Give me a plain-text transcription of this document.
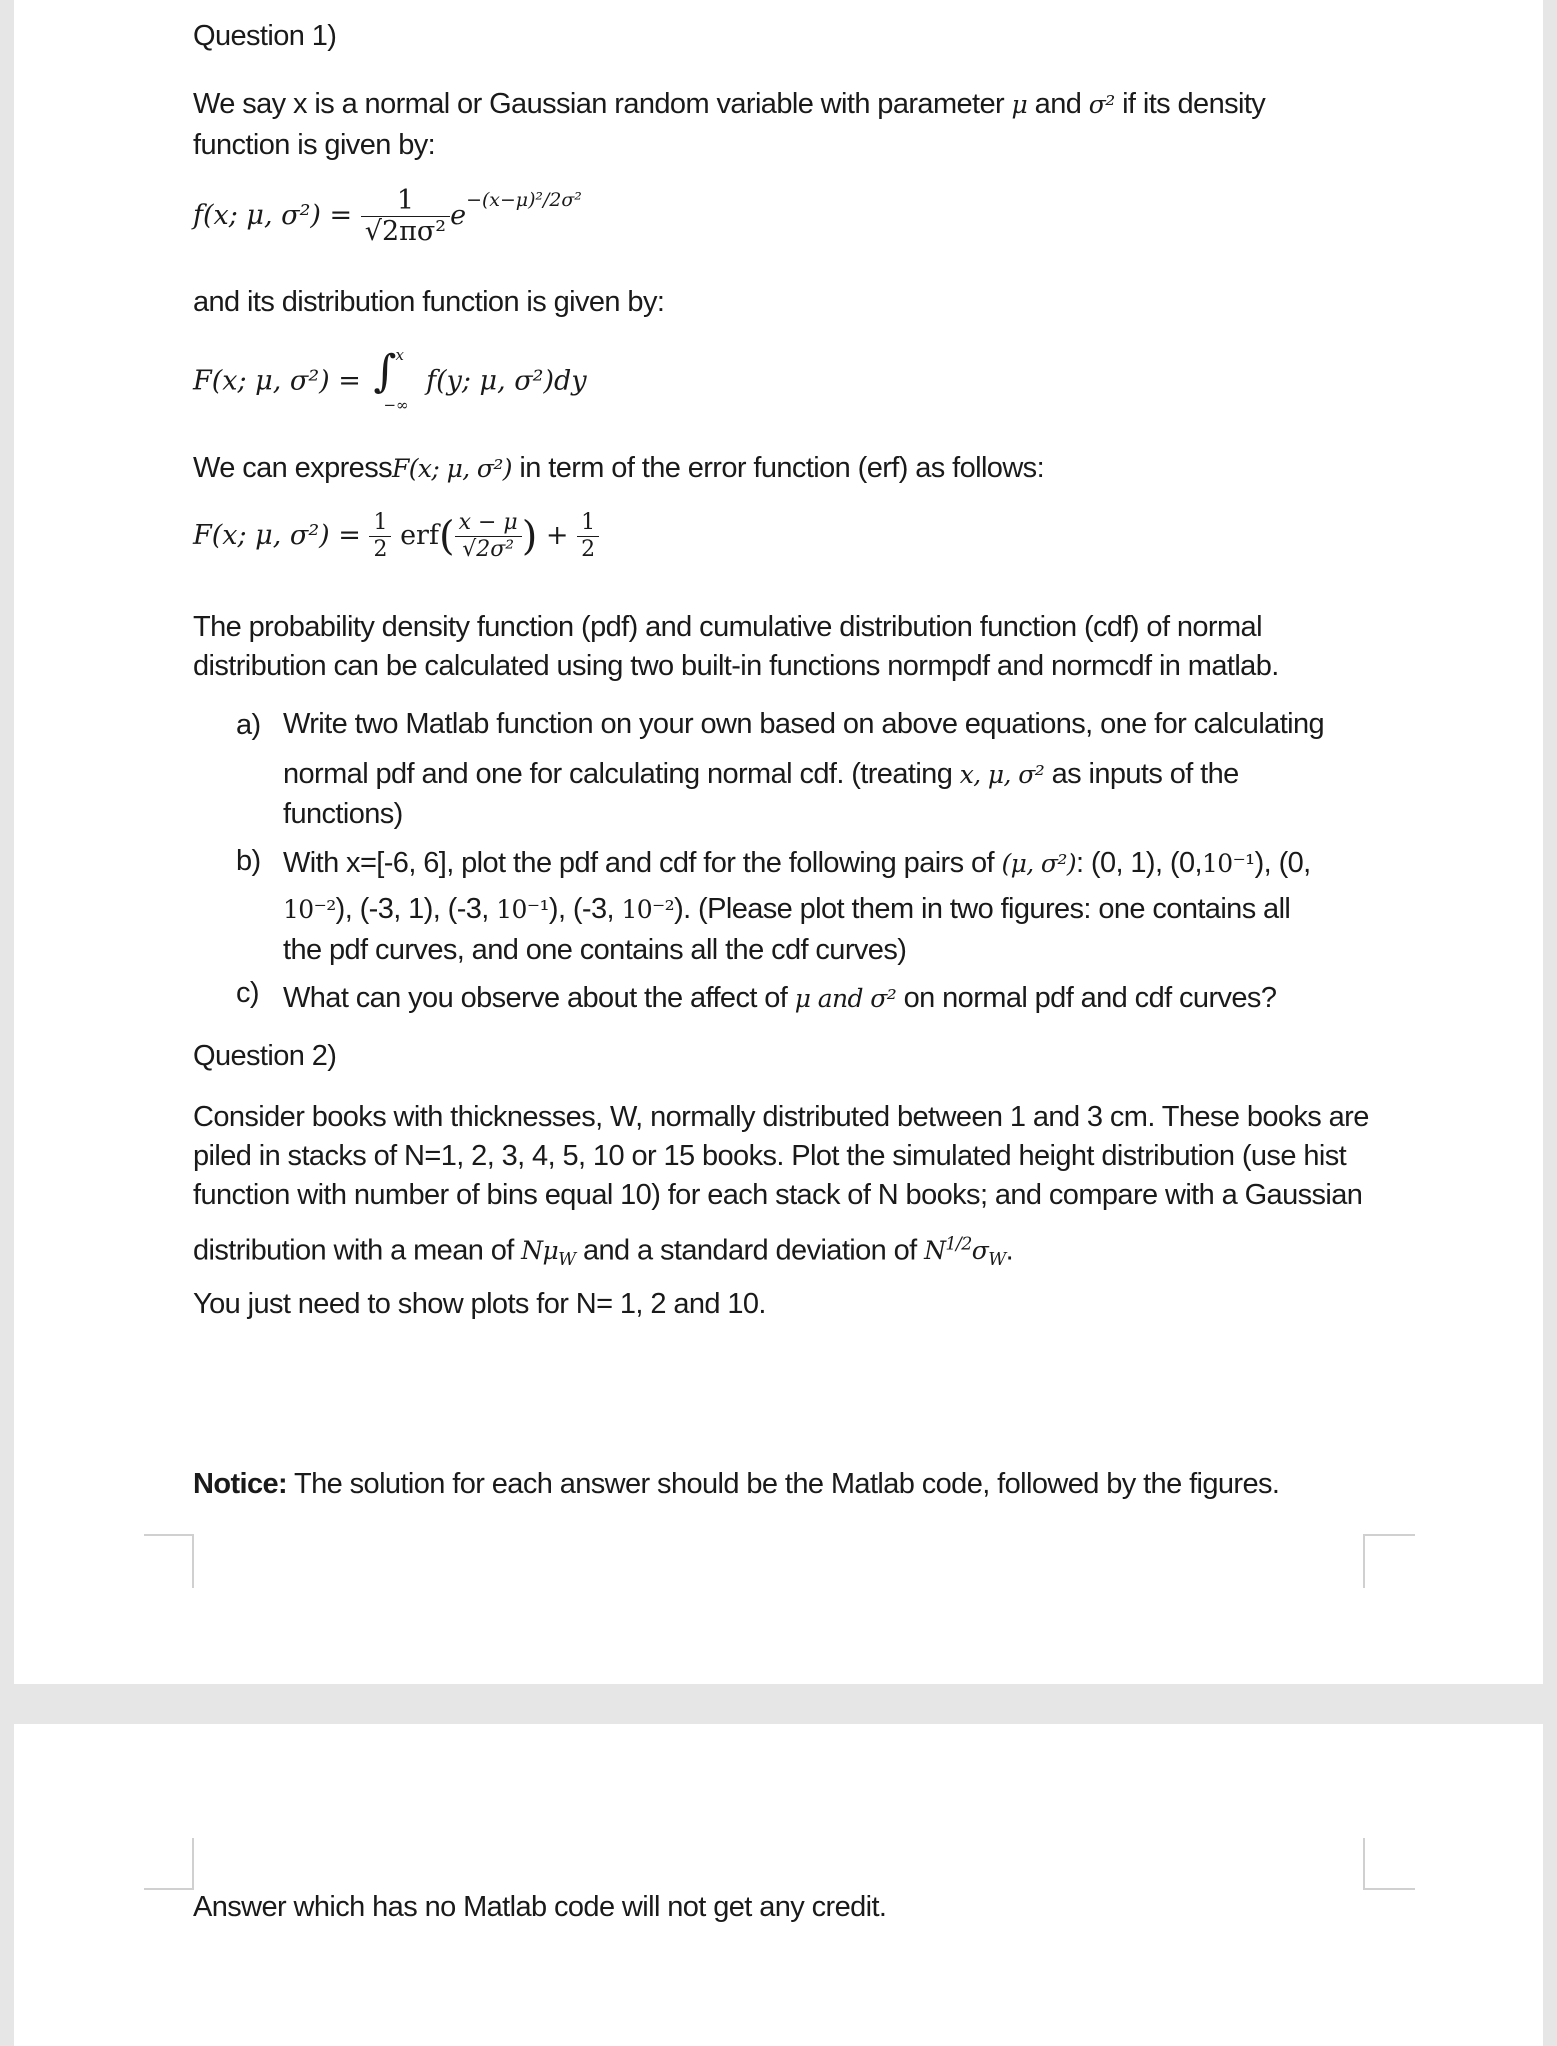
Question 1)
We say x is a normal or Gaussian random variable with parameter μ and σ² if its density
function is given by:
f(x; μ, $\sigma^2) = \frac{1}{\text{√2πσ²}} e^{-(x-\mu)^2/2\sigma^2}$
and its distribution function is given by:
F(x; μ, σ²) = ∫ x
−∞
f(y; μ, σ²)dy
We can expressF(x; μ, σ²) in term of the error function (erf) as follows:
F(x; μ, $\sigma^2) = \frac{1}{2} erf( \frac{x - \mu}{\text{√2σ²}}$ ) + $\frac{1}{2}$
The probability density function (pdf) and cumulative distribution function (cdf) of normal
distribution can be calculated using two built-in functions normpdf and normcdf in matlab.
a) Write two Matlab function on your own based on above equations, one for calculating
normal pdf and one for calculating normal cdf. (treating x, μ, σ² as inputs of the
functions)
b) With x=[-6, 6], plot the pdf and cdf for the following pairs of (μ, σ²): (0, 1), (0,10⁻¹), (0,
10⁻²), (-3, 1), (-3, 10⁻¹), (-3, 10⁻²). (Please plot them in two figures: one contains all
the pdf curves, and one contains all the cdf curves)
c) What can you observe about the affect of μ and σ² on normal pdf and cdf curves?
Question 2)
Consider books with thicknesses, W, normally distributed between 1 and 3 cm. These books are
piled in stacks of N=1, 2, 3, 4, 5, 10 or 15 books. Plot the simulated height distribution (use hist
function with number of bins equal 10) for each stack of N books; and compare with a Gaussian
distribution with a mean of $N\mu_W$ and a standard deviation of $N^{1/2}\sigma_W$.
You just need to show plots for N= 1, 2 and 10.
Notice: The solution for each answer should be the Matlab code, followed by the figures.
Answer which has no Matlab code will not get any credit.
